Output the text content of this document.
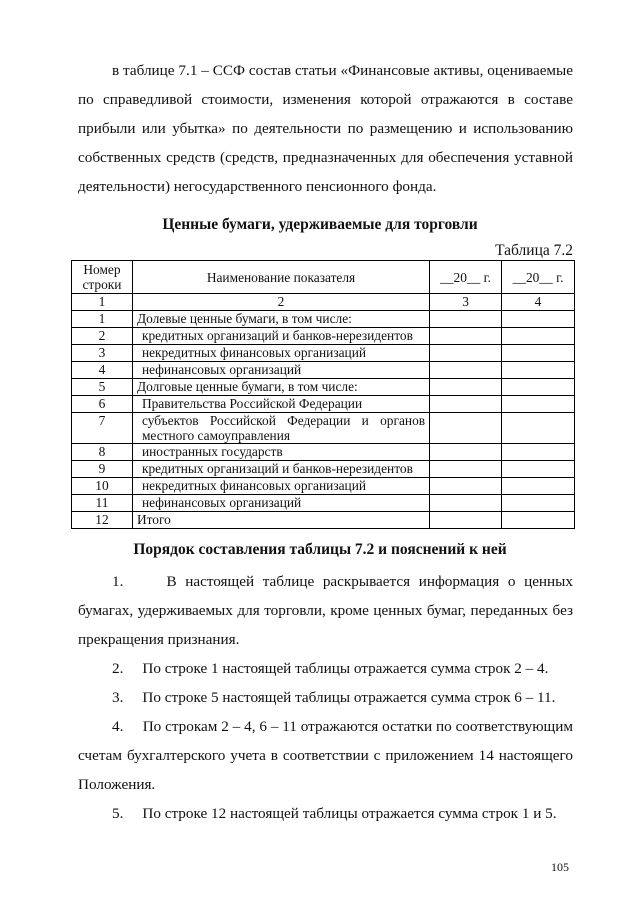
в таблице 7.1 – ССФ состав статьи «Финансовые активы, оцениваемые по справедливой стоимости, изменения которой отражаются в составе прибыли или убытка» по деятельности по размещению и использованию собственных средств (средств, предназначенных для обеспечения уставной деятельности) негосударственного пенсионного фонда.

Ценные бумаги, удерживаемые для торговли
Таблица 7.2
Номер строки	Наименование показателя	__20__ г.	__20__ г.
1	2	3	4
1	Долевые ценные бумаги, в том числе:		
2	кредитных организаций и банков-нерезидентов		
3	некредитных финансовых организаций		
4	нефинансовых организаций		
5	Долговые ценные бумаги, в том числе:		
6	Правительства Российской Федерации		
7	субъектов Российской Федерации и органов местного самоуправления		
8	иностранных государств		
9	кредитных организаций и банков-нерезидентов		
10	некредитных финансовых организаций		
11	нефинансовых организаций		
12	Итого		
Порядок составления таблицы 7.2 и пояснений к ней

1.     В настоящей таблице раскрывается информация о ценных бумагах, удерживаемых для торговли, кроме ценных бумаг, переданных без прекращения признания.

2.     По строке 1 настоящей таблицы отражается сумма строк 2 – 4.

3.     По строке 5 настоящей таблицы отражается сумма строк 6 – 11.

4.     По строкам 2 – 4, 6 – 11 отражаются остатки по соответствующим счетам бухгалтерского учета в соответствии с приложением 14 настоящего Положения.

5.     По строке 12 настоящей таблицы отражается сумма строк 1 и 5.

105
